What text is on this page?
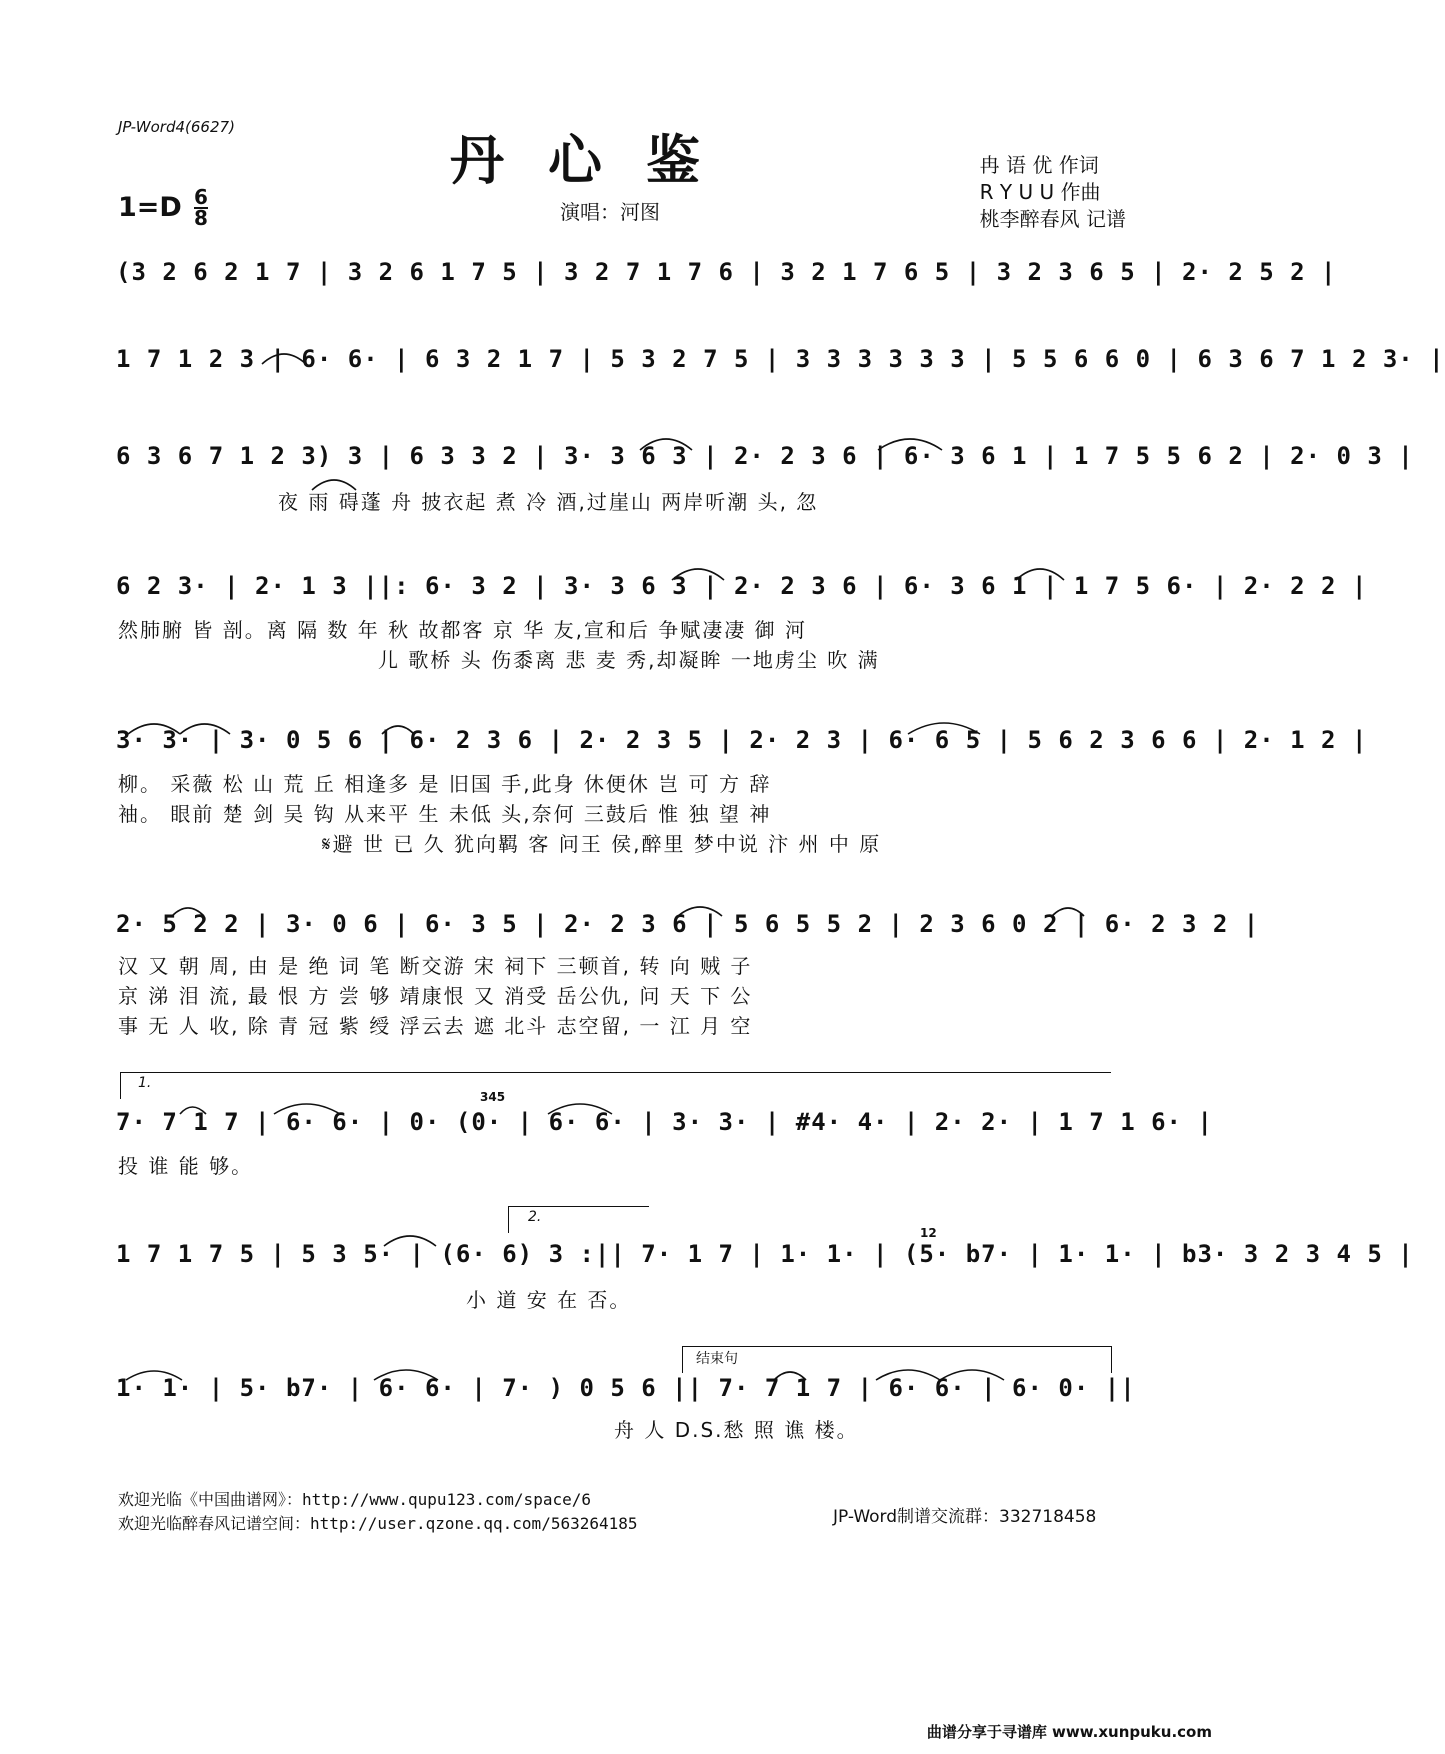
JP-Word4(6627)
丹心鉴
1=D 6
8	演唱：河图
冉 语 优 作词
R Y U U 作曲
桃李醉春风 记谱
(3 2 6 2 1 7 | 3 2 6 1 7 5 | 3 2 7 1 7 6 | 3 2 1 7 6 5 | 3 2 3 6 5 | 2· 2 5 2 |
1 7 1 2 3 | 6· 6· | 6 3 2 1 7 | 5 3 2 7 5 | 3 3 3 3 3 3 | 5 5 6 6 0 | 6 3 6 7 1 2 3· |
6 3 6 7 1 2 3) 3 | 6 3 3 2 | 3· 3 6 3 | 2· 2 3 6 | 6· 3 6 1 | 1 7 5 5 6 2 | 2· 0 3 |
夜 雨 碍蓬 舟 披衣起 煮 冷 酒,过崖山 两岸听潮 头, 忽
6 2 3· | 2· 1 3 ||: 6· 3 2 | 3· 3 6 3 | 2· 2 3 6 | 6· 3 6 1 | 1 7 5 6· | 2· 2 2 |
然肺腑 皆 剖。离 隔 数 年 秋 故都客 京 华 友,宣和后 争赋凄凄 御 河
儿 歌桥 头 伤黍离 悲 麦 秀,却凝眸 一地虏尘 吹 满
3· 3· | 3· 0 5 6 | 6· 2 3 6 | 2· 2 3 5 | 2· 2 3 | 6· 6 5 | 5 6 2 3 6 6 | 2· 1 2 |
柳。 采薇 松 山 荒 丘 相逢多 是 旧国 手,此身 休便休 岂 可 方 辞
袖。 眼前 楚 剑 吴 钩 从来平 生 未低 头,奈何 三鼓后 惟 独 望 神
𝄋避 世 已 久 犹向羁 客 问王 侯,醉里 梦中说 汴 州 中 原
2· 5 2 2 | 3· 0 6 | 6· 3 5 | 2· 2 3 6 | 5 6 5 5 2 | 2 3 6 0 2 | 6· 2 3 2 |
汉 又 朝 周, 由 是 绝 词 笔 断交游 宋 祠下 三顿首, 转 向 贼 子
京 涕 泪 流, 最 恨 方 尝 够 靖康恨 又 消受 岳公仇, 问 天 下 公
事 无 人 收, 除 青 冠 紫 绶 浮云去 遮 北斗 志空留, 一 江 月 空
1.
345
7· 7 1 7 | 6· 6· | 0· (0· | 6· 6· | 3· 3· | #4· 4· | 2· 2· | 1 7 1 6· |
投 谁 能 够。
2.
12
1 7 1 7 5 | 5 3 5· | (6· 6) 3 :|| 7· 1 7 | 1· 1· | (5· b7· | 1· 1· | b3· 3 2 3 4 5 |
小 道 安 在 否。
结束句
1· 1· | 5· b7· | 6· 6· | 7· ) 0 5 6 || 7· 7 1 7 | 6· 6· | 6· 0· ||
舟 人 D.S.愁 照 谯 楼。
欢迎光临《中国曲谱网》：http://www.qupu123.com/space/6
欢迎光临醉春风记谱空间：http://user.qzone.qq.com/563264185	JP-Word制谱交流群：332718458
曲谱分享于寻谱库 www.xunpuku.com
